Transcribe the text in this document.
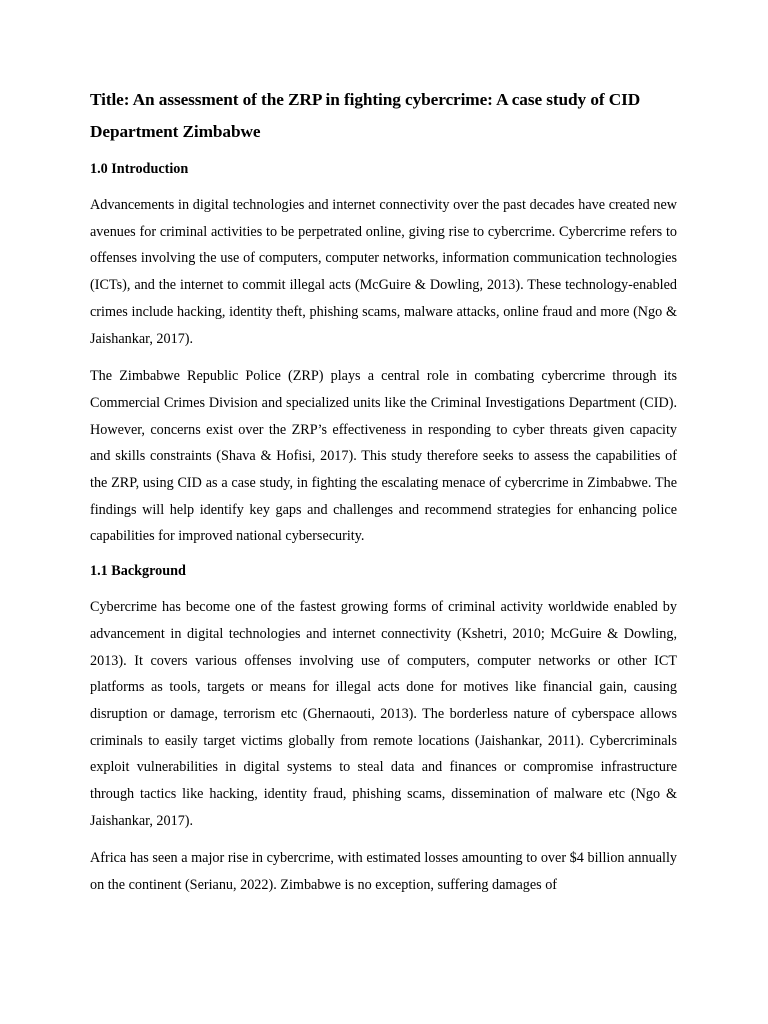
Title: An assessment of the ZRP in fighting cybercrime: A case study of CID Department Zimbabwe
1.0 Introduction

Advancements in digital technologies and internet connectivity over the past decades have created new avenues for criminal activities to be perpetrated online, giving rise to cybercrime. Cybercrime refers to offenses involving the use of computers, computer networks, information communication technologies (ICTs), and the internet to commit illegal acts (McGuire & Dowling, 2013). These technology-enabled crimes include hacking, identity theft, phishing scams, malware attacks, online fraud and more (Ngo & Jaishankar, 2017).

The Zimbabwe Republic Police (ZRP) plays a central role in combating cybercrime through its Commercial Crimes Division and specialized units like the Criminal Investigations Department (CID). However, concerns exist over the ZRP’s effectiveness in responding to cyber threats given capacity and skills constraints (Shava & Hofisi, 2017). This study therefore seeks to assess the capabilities of the ZRP, using CID as a case study, in fighting the escalating menace of cybercrime in Zimbabwe. The findings will help identify key gaps and challenges and recommend strategies for enhancing police capabilities for improved national cybersecurity.

1.1 Background

Cybercrime has become one of the fastest growing forms of criminal activity worldwide enabled by advancement in digital technologies and internet connectivity (Kshetri, 2010; McGuire & Dowling, 2013). It covers various offenses involving use of computers, computer networks or other ICT platforms as tools, targets or means for illegal acts done for motives like financial gain, causing disruption or damage, terrorism etc (Ghernaouti, 2013). The borderless nature of cyberspace allows criminals to easily target victims globally from remote locations (Jaishankar, 2011). Cybercriminals exploit vulnerabilities in digital systems to steal data and finances or compromise infrastructure through tactics like hacking, identity fraud, phishing scams, dissemination of malware etc (Ngo & Jaishankar, 2017).

Africa has seen a major rise in cybercrime, with estimated losses amounting to over $4 billion annually on the continent (Serianu, 2022). Zimbabwe is no exception, suffering damages of
